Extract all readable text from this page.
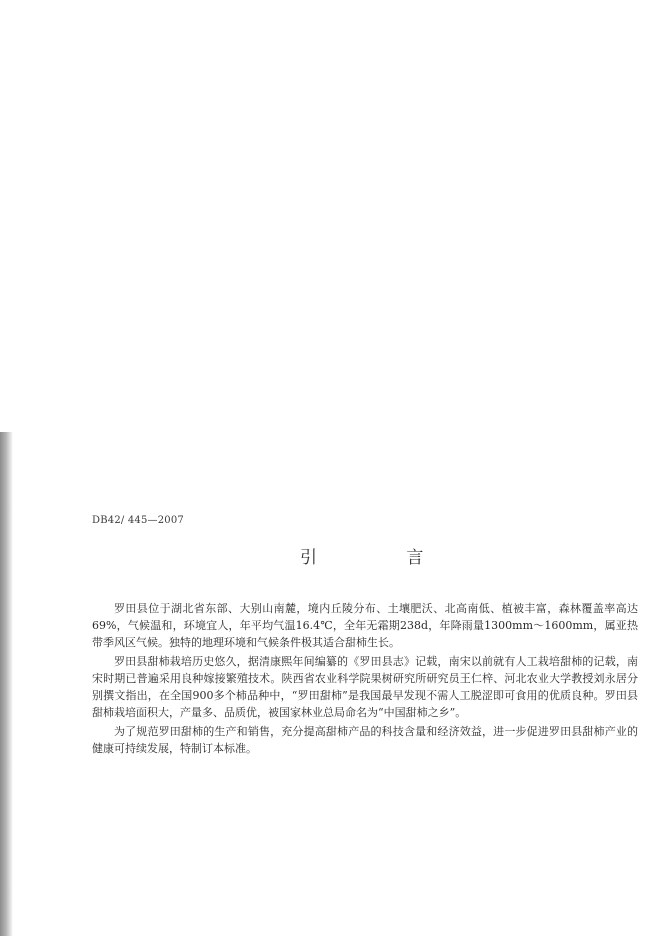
DB42/ 445—2007
引 言

罗田县位于湖北省东部、大别山南麓，境内丘陵分布、土壤肥沃、北高南低、植被丰富，森林覆盖率高达69%，气候温和，环境宜人，年平均气温16.4℃，全年无霜期238d，年降雨量1300mm～1600mm，属亚热带季风区气候。独特的地理环境和气候条件极其适合甜柿生长。

罗田县甜柿栽培历史悠久，据清康熙年间编纂的《罗田县志》记载，南宋以前就有人工栽培甜柿的记载，南宋时期已普遍采用良种嫁接繁殖技术。陕西省农业科学院果树研究所研究员王仁梓、河北农业大学教授刘永居分别撰文指出，在全国900多个柿品种中，“罗田甜柿”是我国最早发现不需人工脱涩即可食用的优质良种。罗田县甜柿栽培面积大，产量多、品质优，被国家林业总局命名为“中国甜柿之乡”。

为了规范罗田甜柿的生产和销售，充分提高甜柿产品的科技含量和经济效益，进一步促进罗田县甜柿产业的健康可持续发展，特制订本标准。
